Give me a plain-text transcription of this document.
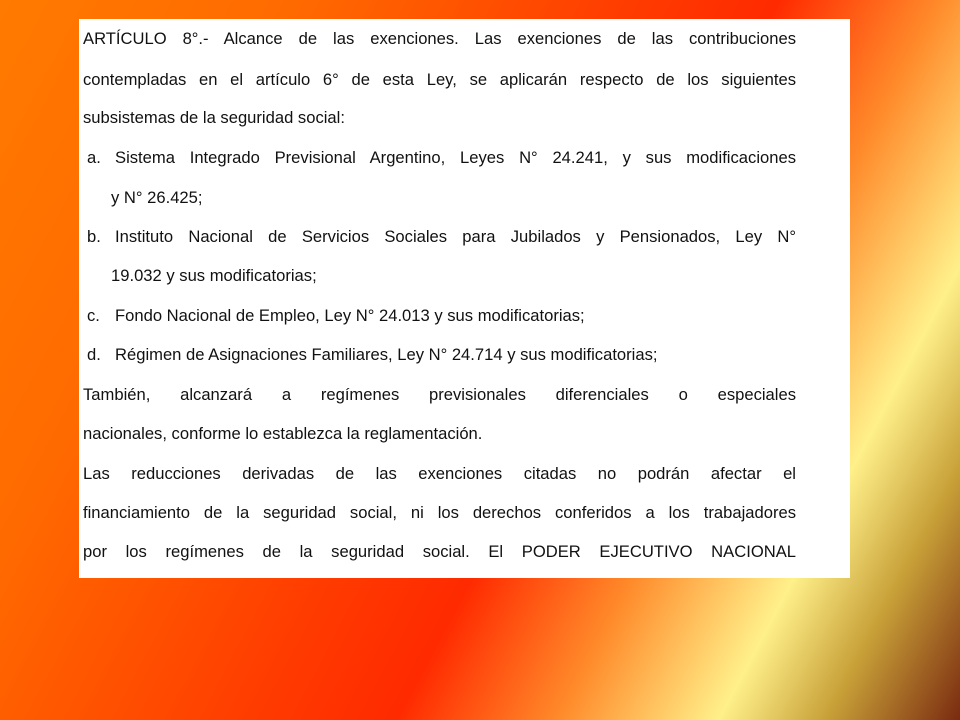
ARTÍCULO 8°.- Alcance de las exenciones. Las exenciones de las contribuciones
contempladas en el artículo 6° de esta Ley, se aplicarán respecto de los siguientes
subsistemas de la seguridad social:
a. Sistema Integrado Previsional Argentino, Leyes N° 24.241, y sus modificaciones
y N° 26.425;
b. Instituto Nacional de Servicios Sociales para Jubilados y Pensionados, Ley N°
19.032 y sus modificatorias;
c. Fondo Nacional de Empleo, Ley N° 24.013 y sus modificatorias;
d. Régimen de Asignaciones Familiares, Ley N° 24.714 y sus modificatorias;
También, alcanzará a regímenes previsionales diferenciales o especiales
nacionales, conforme lo establezca la reglamentación.
Las reducciones derivadas de las exenciones citadas no podrán afectar el
financiamiento de la seguridad social, ni los derechos conferidos a los trabajadores
por los regímenes de la seguridad social. El PODER EJECUTIVO NACIONAL
